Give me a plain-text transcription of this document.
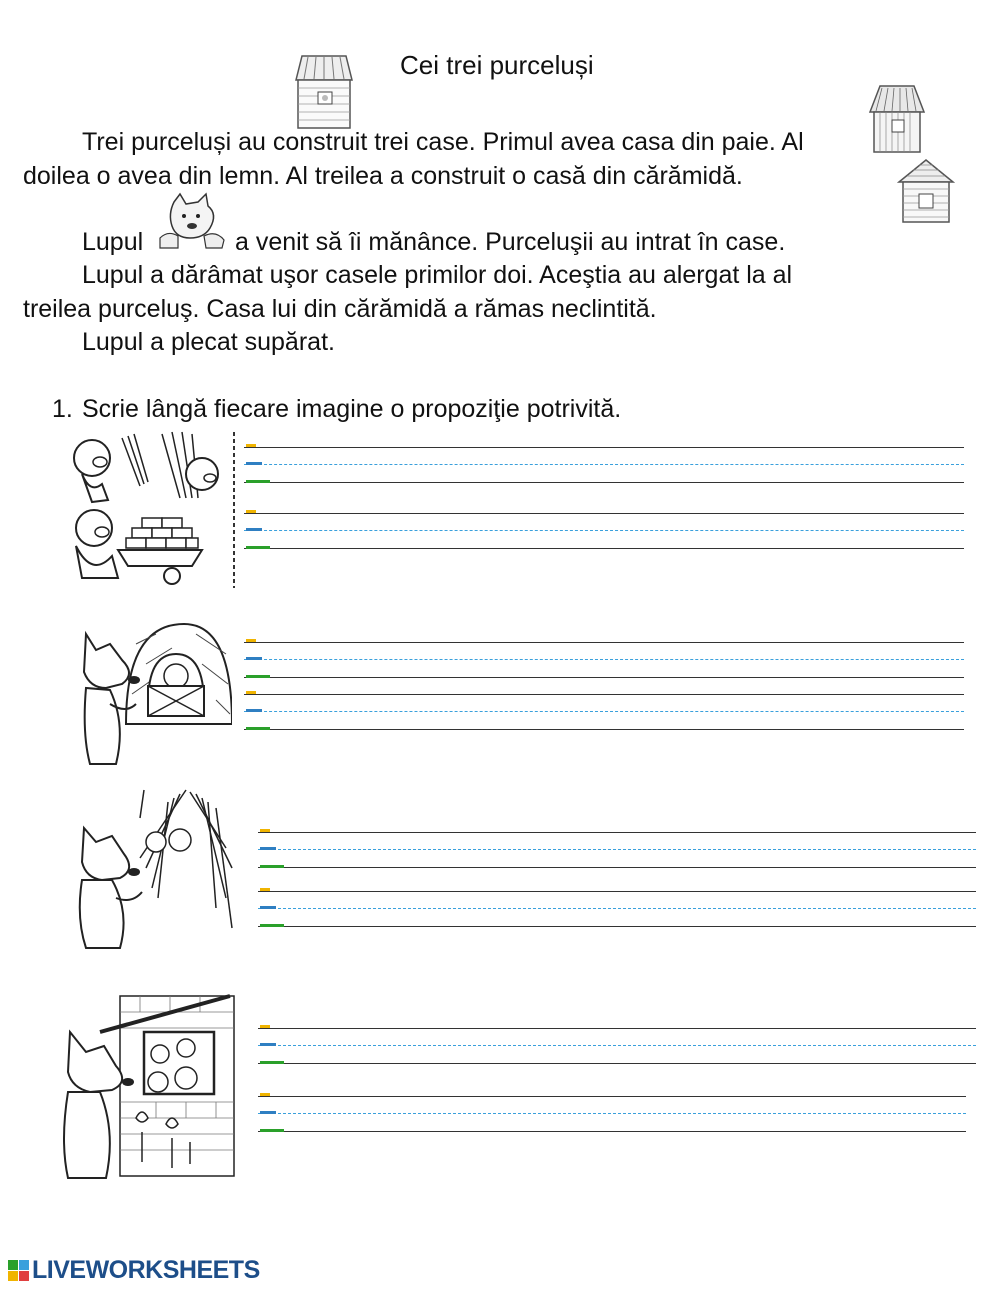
Cei trei purceluși
Trei purceluși au construit trei case. Primul avea casa din paie. Al
doilea o avea din lemn. Al treilea a construit o casă din cărămidă.
Lupul	a venit să îi mănânce. Purceluşii au intrat în case.
Lupul a dărâmat uşor casele primilor doi. Aceştia au alergat la al
treilea purceluş. Casa lui din cărămidă a rămas neclintită.
Lupul a plecat supărat.
1. Scrie lângă fiecare imagine o propoziţie potrivită.
LIVEWORKSHEETS
